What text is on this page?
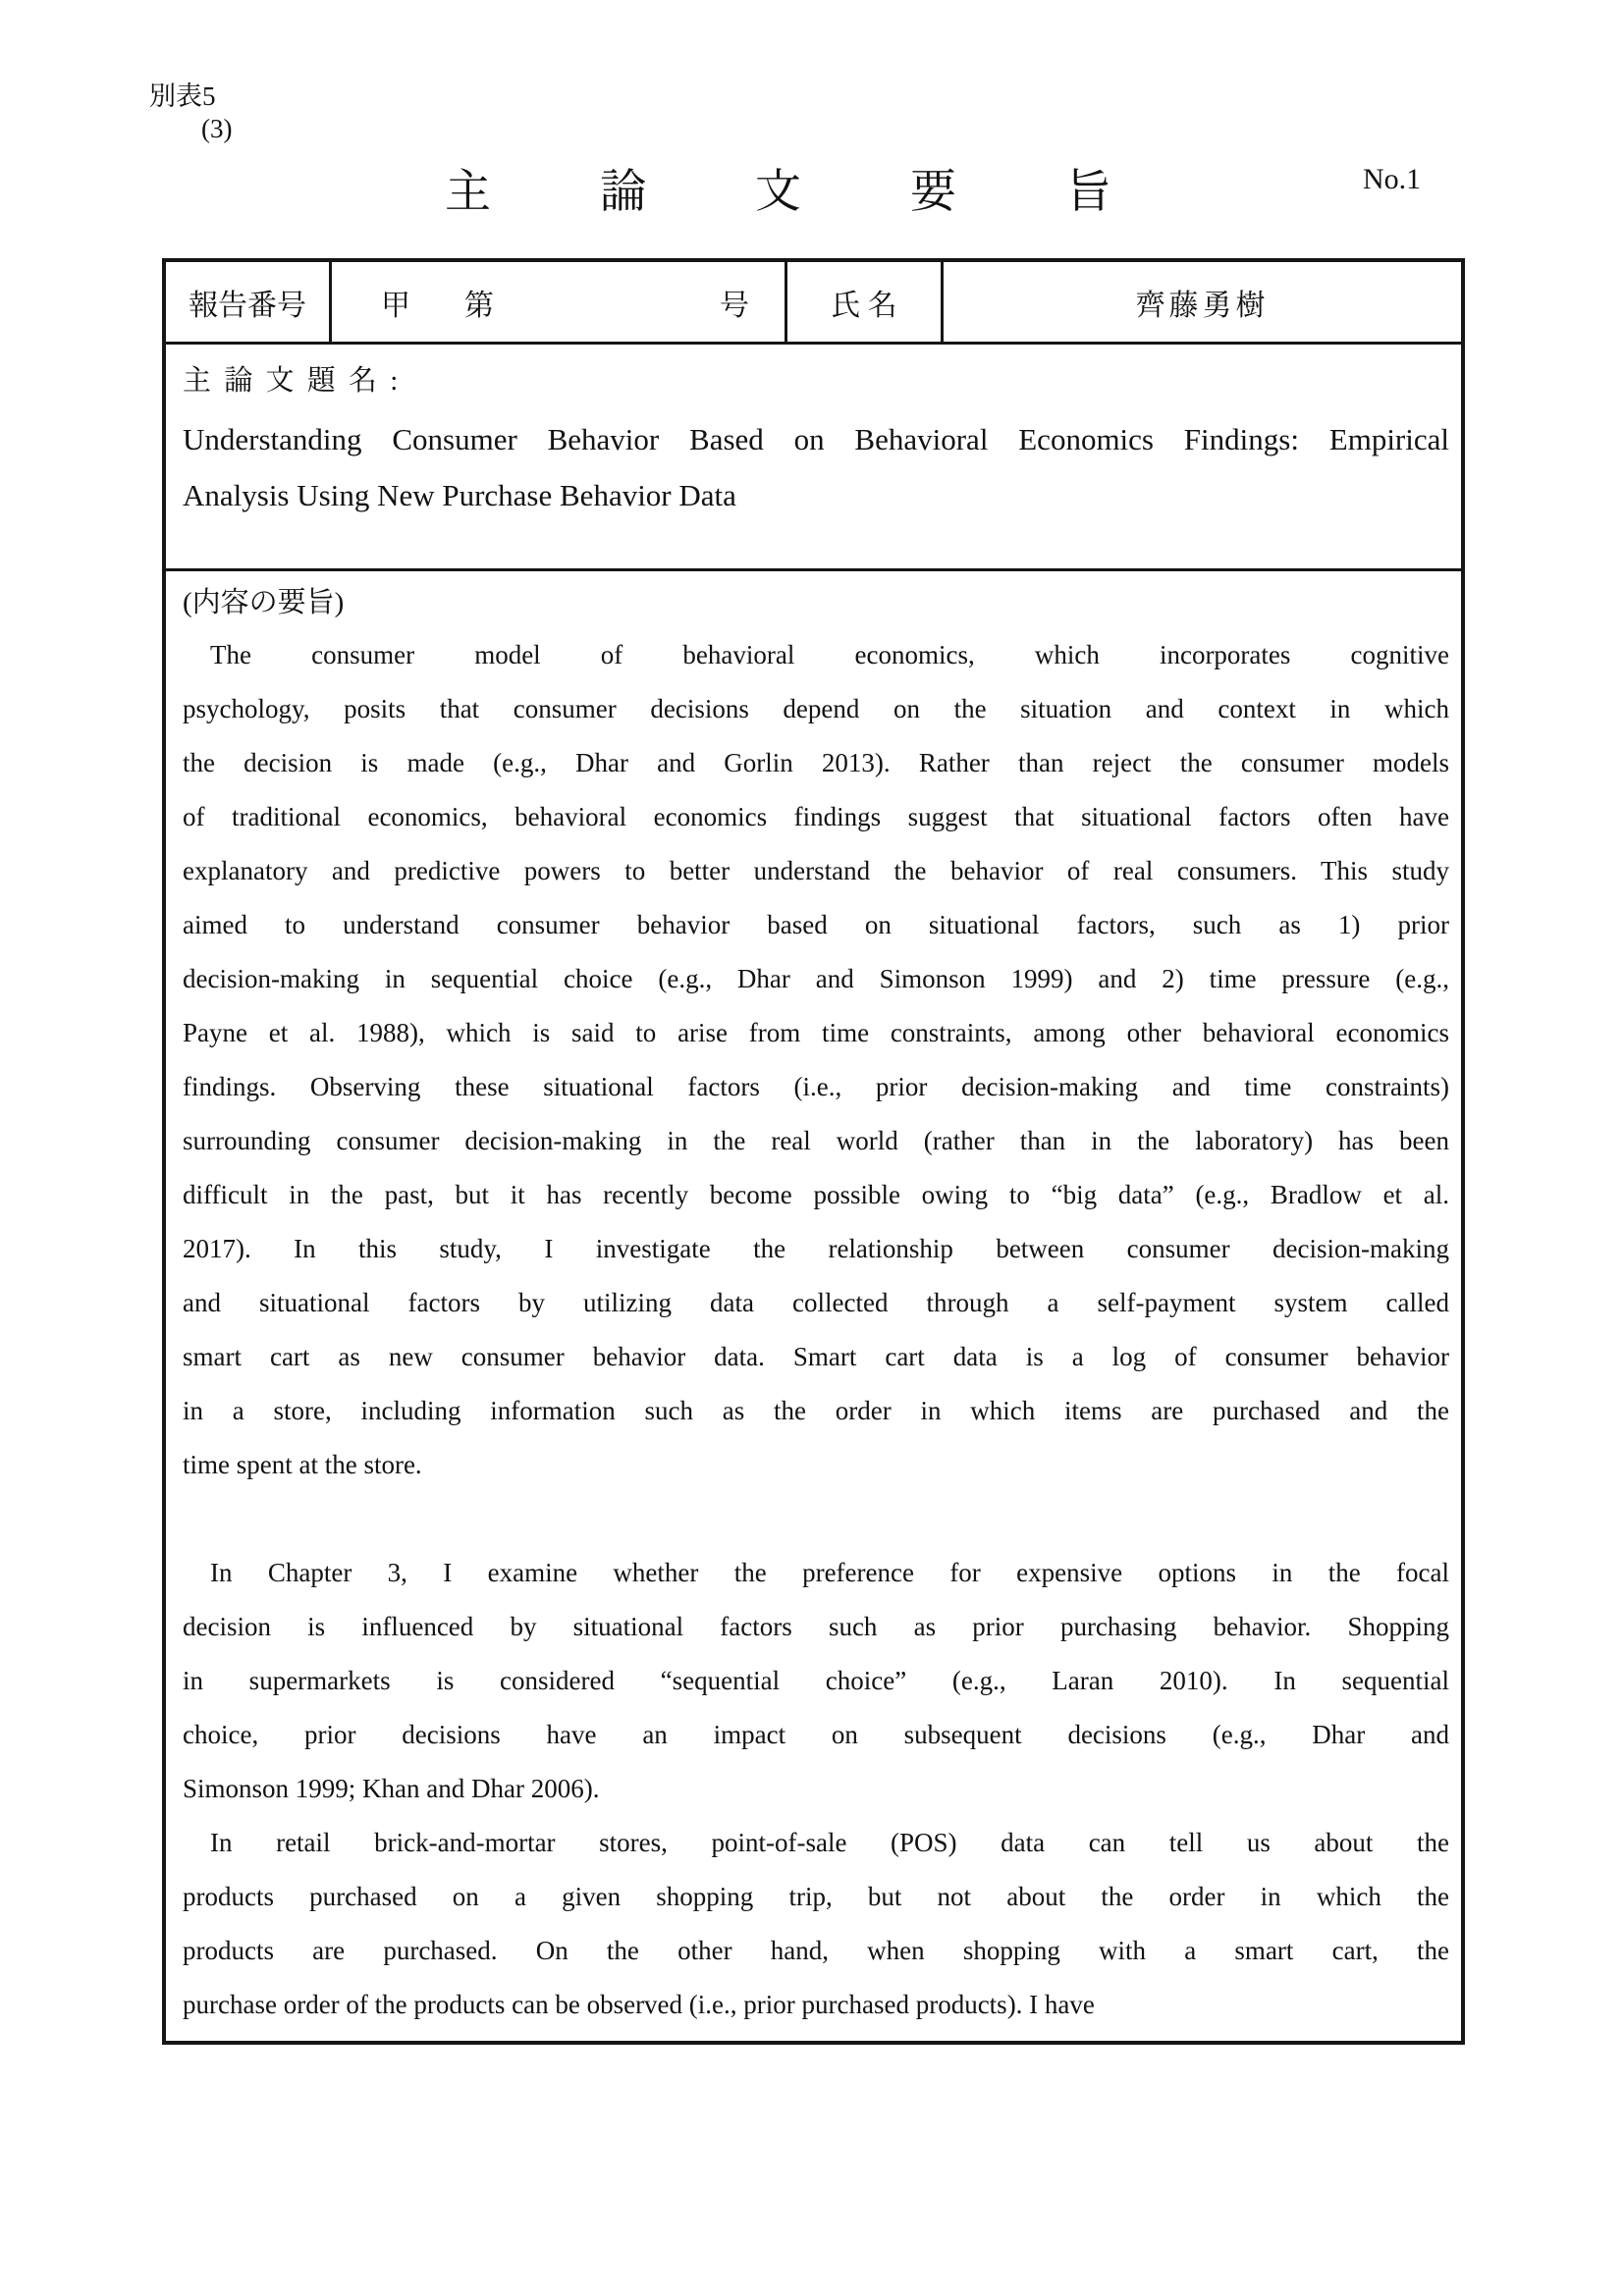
別表5
(3)
主論文要旨	No.1
報告番号	甲 第	号	氏 名	齊藤勇樹
主 論 文 題 名 :
Understanding Consumer Behavior Based on Behavioral Economics Findings: Empirical
Analysis Using New Purchase Behavior Data
(内容の要旨)
The consumer model of behavioral economics, which incorporates cognitive
psychology, posits that consumer decisions depend on the situation and context in which
the decision is made (e.g., Dhar and Gorlin 2013). Rather than reject the consumer models
of traditional economics, behavioral economics findings suggest that situational factors often have
explanatory and predictive powers to better understand the behavior of real consumers. This study
aimed to understand consumer behavior based on situational factors, such as 1) prior
decision-making in sequential choice (e.g., Dhar and Simonson 1999) and 2) time pressure (e.g.,
Payne et al. 1988), which is said to arise from time constraints, among other behavioral economics
findings. Observing these situational factors (i.e., prior decision-making and time constraints)
surrounding consumer decision-making in the real world (rather than in the laboratory) has been
difficult in the past, but it has recently become possible owing to “big data” (e.g., Bradlow et al.
2017). In this study, I investigate the relationship between consumer decision-making
and situational factors by utilizing data collected through a self-payment system called
smart cart as new consumer behavior data. Smart cart data is a log of consumer behavior
in a store, including information such as the order in which items are purchased and the
time spent at the store.
In Chapter 3, I examine whether the preference for expensive options in the focal
decision is influenced by situational factors such as prior purchasing behavior. Shopping
in supermarkets is considered “sequential choice” (e.g., Laran 2010). In sequential
choice, prior decisions have an impact on subsequent decisions (e.g., Dhar and
Simonson 1999; Khan and Dhar 2006).
In retail brick-and-mortar stores, point-of-sale (POS) data can tell us about the
products purchased on a given shopping trip, but not about the order in which the
products are purchased. On the other hand, when shopping with a smart cart, the
purchase order of the products can be observed (i.e., prior purchased products). I have
